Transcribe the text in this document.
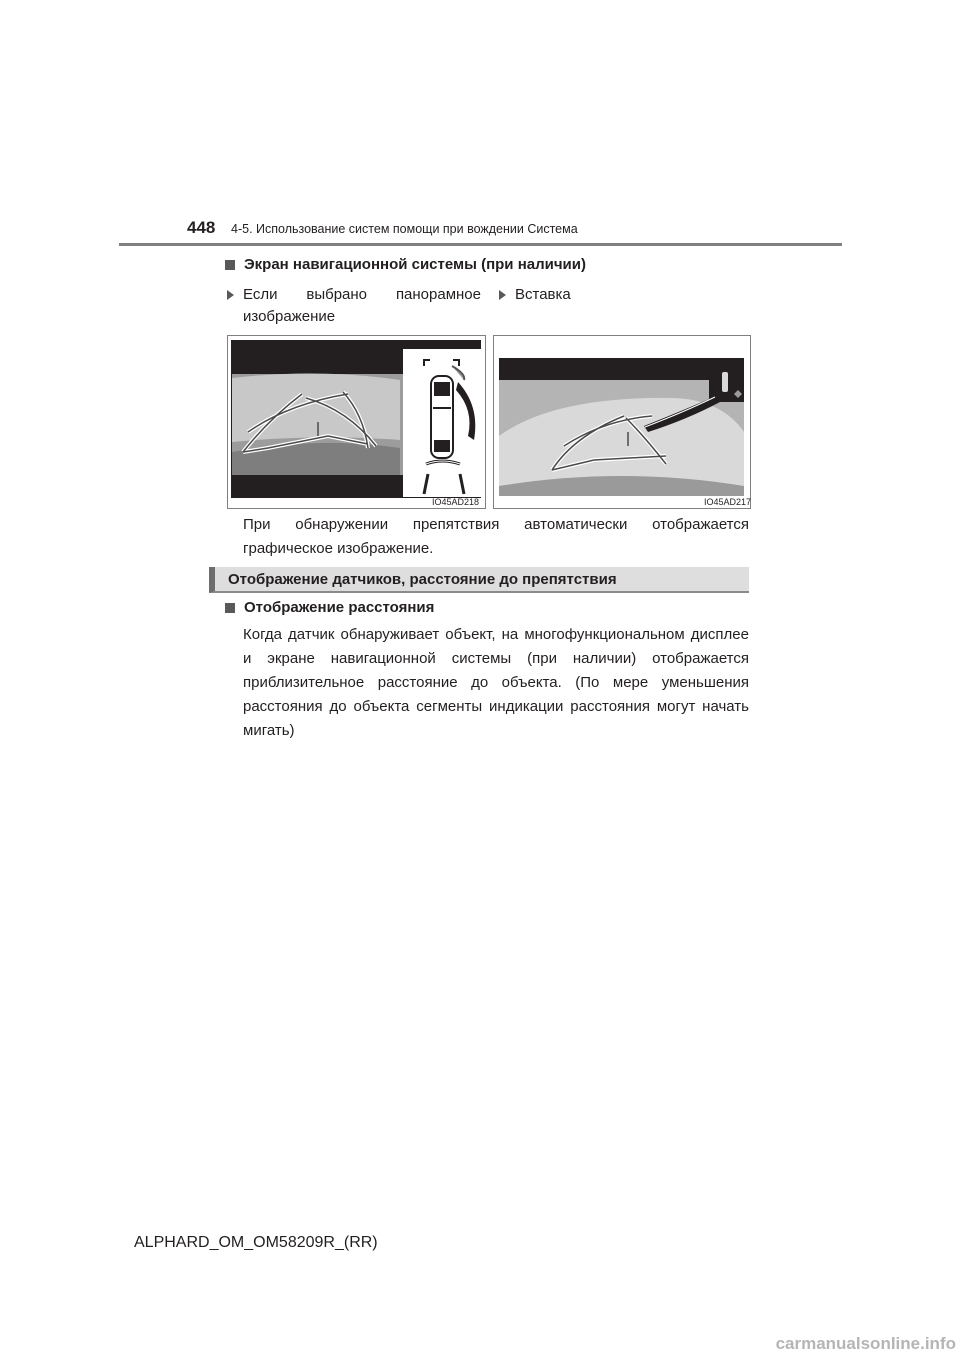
448 4-5. Использование систем помощи при вождении Система
Экран навигационной системы (при наличии)
Если выбрано панорамное
изображение
Вставка
IO45AD218	IO45AD217
При обнаружении препятствия автоматически отображается графическое изображение.
Отображение датчиков, расстояние до препятствия
Отображение расстояния
Когда датчик обнаруживает объект, на многофункциональном дисплее и экране навигационной системы (при наличии) отображается приблизительное расстояние до объекта. (По мере уменьшения расстояния до объекта сегменты индикации расстояния могут начать мигать)
ALPHARD_OM_OM58209R_(RR)
carmanualsonline.info
